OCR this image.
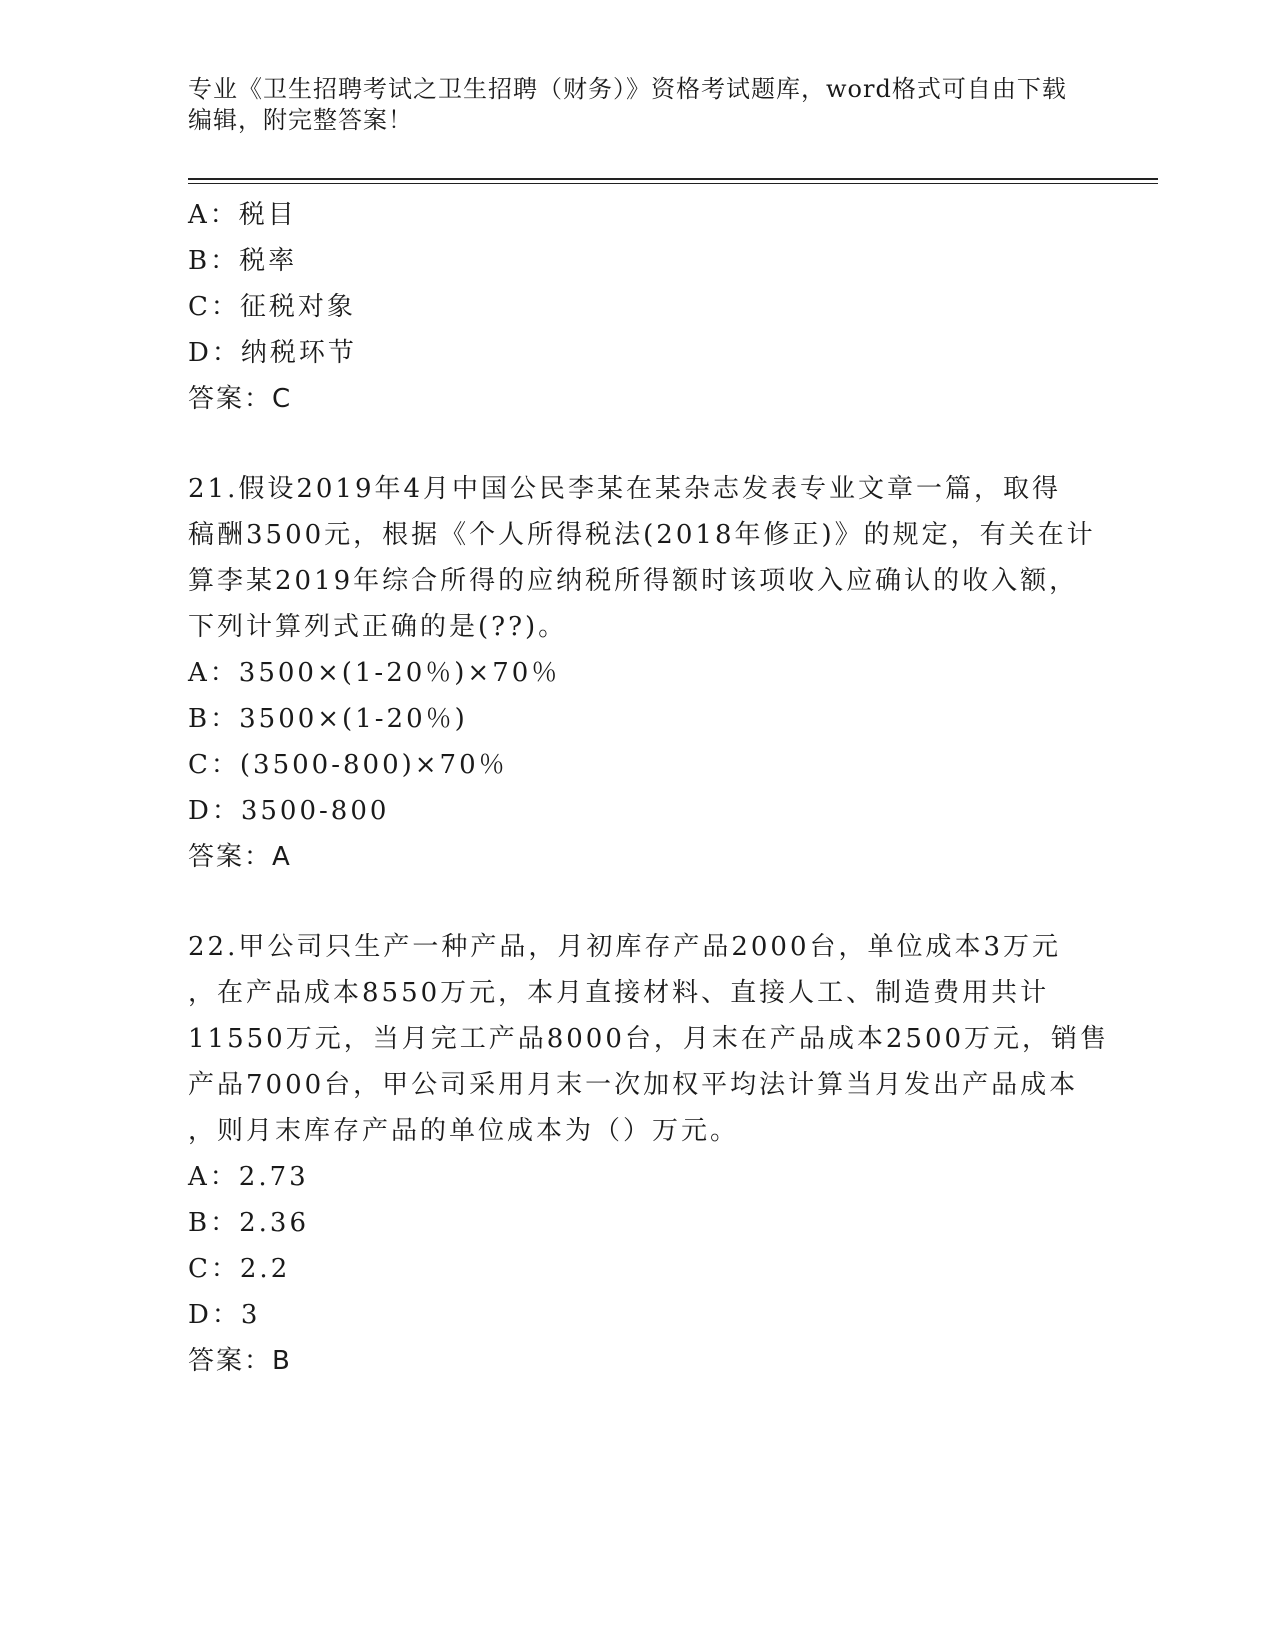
专业《卫生招聘考试之卫生招聘（财务）》资格考试题库，word格式可自由下载
编辑，附完整答案！
A：税目
B：税率
C：征税对象
D：纳税环节
答案：C
21.假设2019年4月中国公民李某在某杂志发表专业文章一篇，取得
稿酬3500元，根据《个人所得税法(2018年修正)》的规定，有关在计
算李某2019年综合所得的应纳税所得额时该项收入应确认的收入额，
下列计算列式正确的是(??)。
A：3500×(1-20％)×70％
B：3500×(1-20％)
C：(3500-800)×70％
D：3500-800
答案：A
22.甲公司只生产一种产品，月初库存产品2000台，单位成本3万元
，在产品成本8550万元，本月直接材料、直接人工、制造费用共计
11550万元，当月完工产品8000台，月末在产品成本2500万元，销售
产品7000台，甲公司采用月末一次加权平均法计算当月发出产品成本
，则月末库存产品的单位成本为（）万元。
A：2.73
B：2.36
C：2.2
D：3
答案：B
